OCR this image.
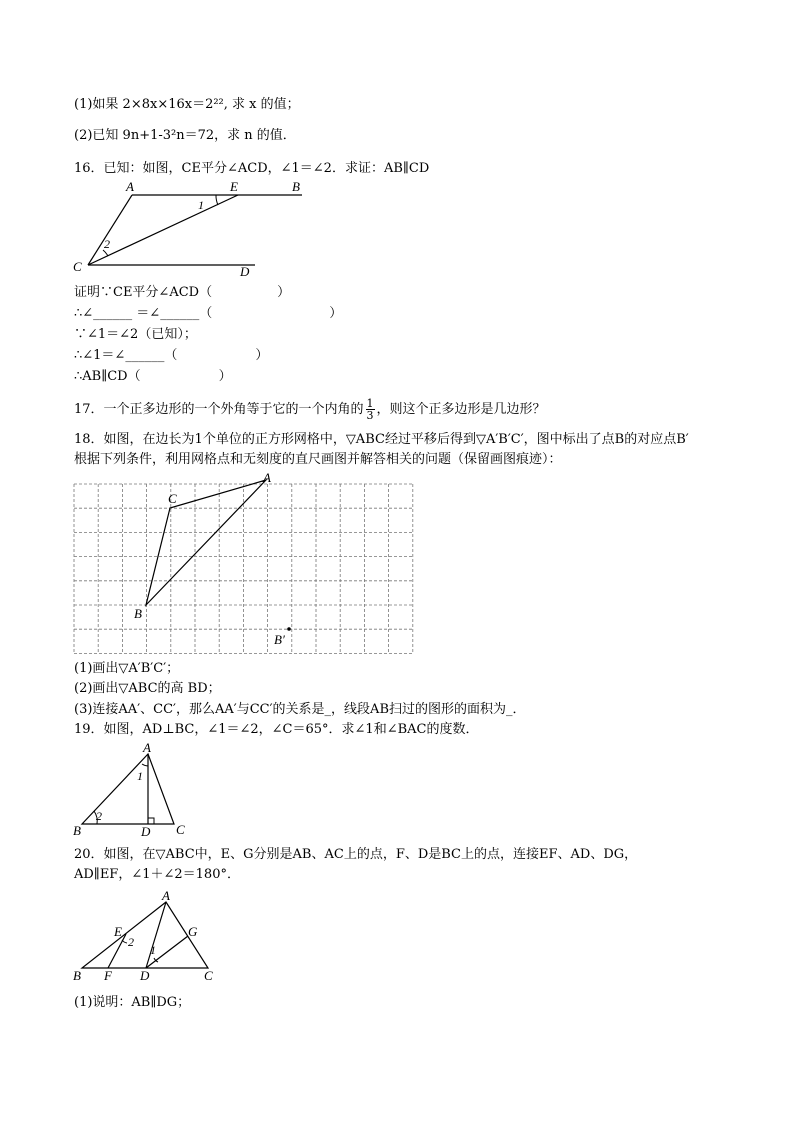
(1)如果 2×8x×16x＝2²², 求 x 的值；
(2)已知 9n+1-3²n＝72，求 n 的值．
16．已知：如图，CE平分∠ACD，∠1＝∠2．求证：AB∥CD
A	E	B
C	D
1
2
证明∵CE平分∠ACD（　　　　　）
∴∠______ ＝∠______（　　　　　　　　　）
∵∠1＝∠2（已知）；
∴∠1＝∠______（　　　　　　）
∴AB∥CD（　　　　　　）
17．一个正多边形的一个外角等于它的一个内角的 $\frac{1}{3}$ ，则这个正多边形是几边形？
18．如图，在边长为1个单位的正方形网格中，▽ABC经过平移后得到▽A′B′C′，图中标出了点B的对应点B′
根据下列条件，利用网格点和无刻度的直尺画图并解答相关的问题（保留画图痕迹）：
A
C
B
B′
(1)画出▽A′B′C′；
(2)画出▽ABC的高 BD；
(3)连接AA′、CC′，那么AA′与CC′的关系是_，线段AB扫过的图形的面积为_．
19．如图，AD⊥BC，∠1＝∠2，∠C＝65°．求∠1和∠BAC的度数．
A
B	D C
1
2
20．如图，在▽ABC中，E、G分别是AB、AC上的点，F、D是BC上的点，连接EF、AD、DG，
AD∥EF，∠1＋∠2＝180°．
A
E	G
B F D	C
2
1
(1)说明：AB∥DG；
